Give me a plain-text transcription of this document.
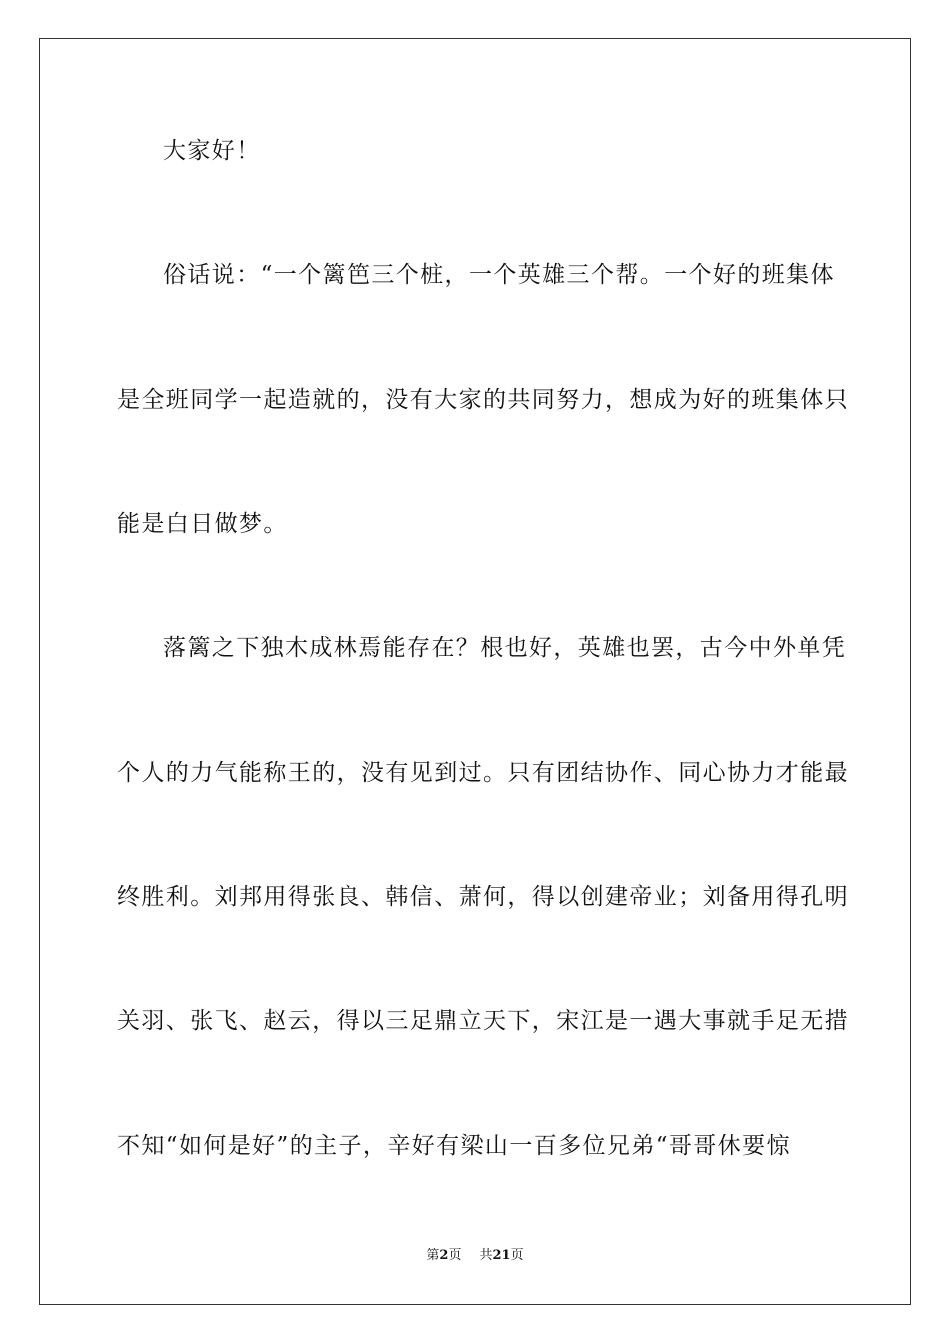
大家好！
俗话说：“一个篱笆三个桩，一个英雄三个帮。一个好的班集体
是全班同学一起造就的，没有大家的共同努力，想成为好的班集体只
能是白日做梦。
落篱之下独木成林焉能存在？根也好，英雄也罢，古今中外单凭
个人的力气能称王的，没有见到过。只有团结协作、同心协力才能最
终胜利。刘邦用得张良、韩信、萧何，得以创建帝业；刘备用得孔明
关羽、张飞、赵云，得以三足鼎立天下，宋江是一遇大事就手足无措
不知“如何是好”的主子，辛好有梁山一百多位兄弟“哥哥休要惊
第2页 共21页
